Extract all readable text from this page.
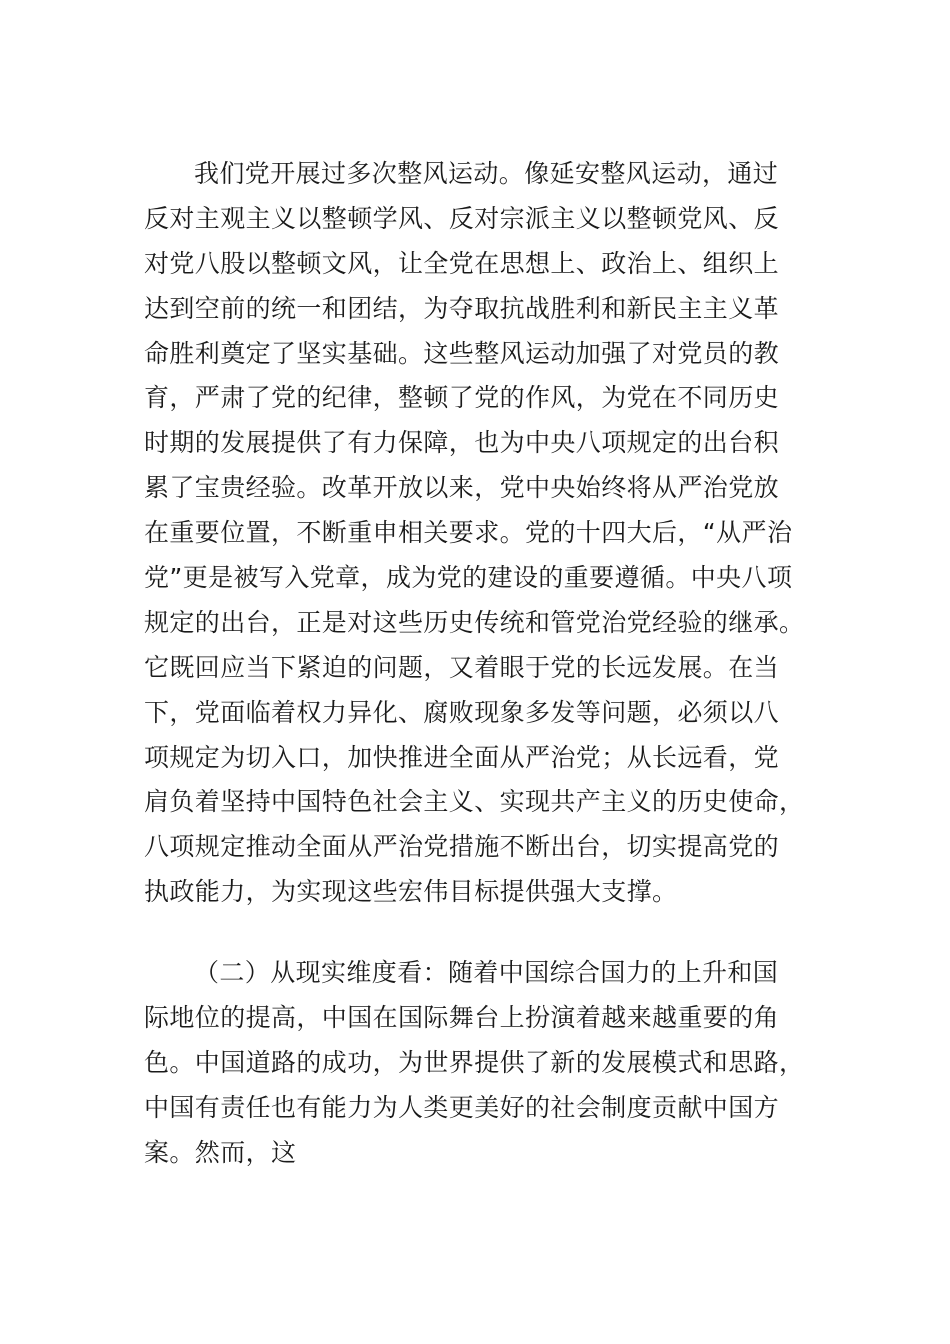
我们党开展过多次整风运动。像延安整风运动，通过
反对主观主义以整顿学风、反对宗派主义以整顿党风、反
对党八股以整顿文风，让全党在思想上、政治上、组织上
达到空前的统一和团结，为夺取抗战胜利和新民主主义革
命胜利奠定了坚实基础。这些整风运动加强了对党员的教
育，严肃了党的纪律，整顿了党的作风，为党在不同历史
时期的发展提供了有力保障，也为中央八项规定的出台积
累了宝贵经验。改革开放以来，党中央始终将从严治党放
在重要位置，不断重申相关要求。党的十四大后，“从严治
党”更是被写入党章，成为党的建设的重要遵循。中央八项
规定的出台，正是对这些历史传统和管党治党经验的继承。
它既回应当下紧迫的问题，又着眼于党的长远发展。在当
下，党面临着权力异化、腐败现象多发等问题，必须以八
项规定为切入口，加快推进全面从严治党；从长远看，党
肩负着坚持中国特色社会主义、实现共产主义的历史使命，
八项规定推动全面从严治党措施不断出台，切实提高党的
执政能力，为实现这些宏伟目标提供强大支撑。
（二）从现实维度看：随着中国综合国力的上升和国
际地位的提高，中国在国际舞台上扮演着越来越重要的角
色。中国道路的成功，为世界提供了新的发展模式和思路，
中国有责任也有能力为人类更美好的社会制度贡献中国方
案。然而，这
